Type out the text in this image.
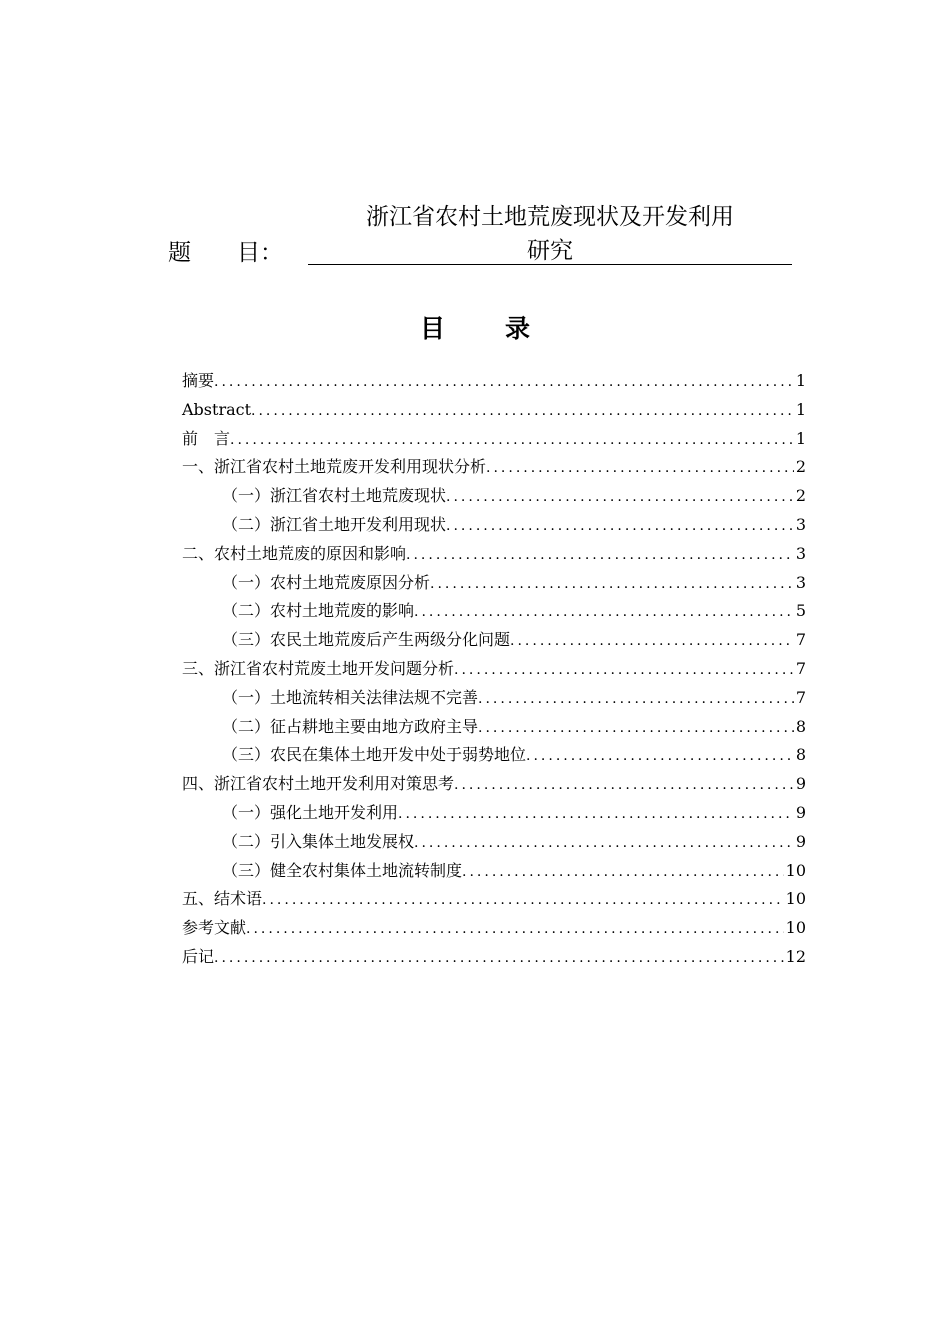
题 目：
浙江省农村土地荒废现状及开发利用
研究
目 录
摘要 .....	1
Abstract .....	1
前　言 .....	1
一、浙江省农村土地荒废开发利用现状分析 .....	2
（一）浙江省农村土地荒废现状 .....	2
（二）浙江省土地开发利用现状 .....	3
二、农村土地荒废的原因和影响 .....	3
（一）农村土地荒废原因分析 .....	3
（二）农村土地荒废的影响 .....	5
（三）农民土地荒废后产生两级分化问题 .....	7
三、浙江省农村荒废土地开发问题分析 .....	7
（一）土地流转相关法律法规不完善 .....	7
（二）征占耕地主要由地方政府主导 .....	8
（三）农民在集体土地开发中处于弱势地位 .....	8
四、浙江省农村土地开发利用对策思考 .....	9
（一）强化土地开发利用 .....	9
（二）引入集体土地发展权 .....	9
（三）健全农村集体土地流转制度 .....	10
五、结术语 .....	10
参考文献 .....	10
后记 .....	12
